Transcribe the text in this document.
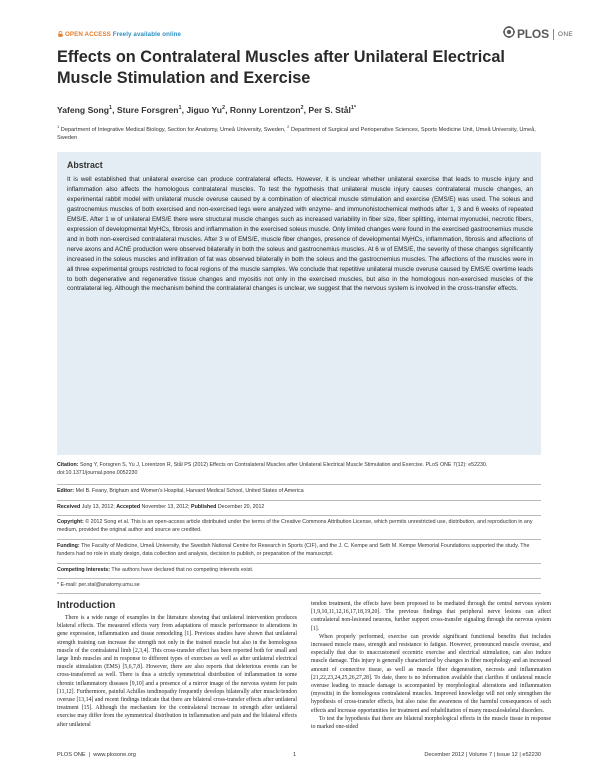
OPEN ACCESS Freely available online	PLOS ONE
Effects on Contralateral Muscles after Unilateral Electrical Muscle Stimulation and Exercise
Yafeng Song$^1$, Sture Forsgren$^1$, Jiguo Yu$^2$, Ronny Lorentzon$^2$, Per S. Stål$^{1*}$
$^1$ Department of Integrative Medical Biology, Section for Anatomy, Umeå University, Sweden, $^2$ Department of Surgical and Perioperative Sciences, Sports Medicine Unit, Umeå University, Umeå, Sweden
Abstract

It is well established that unilateral exercise can produce contralateral effects. However, it is unclear whether unilateral exercise that leads to muscle injury and inflammation also affects the homologous contralateral muscles. To test the hypothesis that unilateral muscle injury causes contralateral muscle changes, an experimental rabbit model with unilateral muscle overuse caused by a combination of electrical muscle stimulation and exercise (EMS/E) was used. The soleus and gastrocnemius muscles of both exercised and non-exercised legs were analyzed with enzyme- and immunohistochemical methods after 1, 3 and 6 weeks of repeated EMS/E. After 1 w of unilateral EMS/E there were structural muscle changes such as increased variability in fiber size, fiber splitting, internal myonuclei, necrotic fibers, expression of developmental MyHCs, fibrosis and inflammation in the exercised soleus muscle. Only limited changes were found in the exercised gastrocnemius muscle and in both non-exercised contralateral muscles. After 3 w of EMS/E, muscle fiber changes, presence of developmental MyHCs, inflammation, fibrosis and affections of nerve axons and AChE production were observed bilaterally in both the soleus and gastrocnemius muscles. At 6 w of EMS/E, the severity of these changes significantly increased in the soleus muscles and infiltration of fat was observed bilaterally in both the soleus and the gastrocnemius muscles. The affections of the muscles were in all three experimental groups restricted to focal regions of the muscle samples. We conclude that repetitive unilateral muscle overuse caused by EMS/E overtime leads to both degenerative and regenerative tissue changes and myositis not only in the exercised muscles, but also in the homologous non-exercised muscles of the contralateral leg. Although the mechanism behind the contralateral changes is unclear, we suggest that the nervous system is involved in the cross-transfer effects.

Citation: Song Y, Forsgren S, Yu J, Lorentzon R, Stål PS (2012) Effects on Contralateral Muscles after Unilateral Electrical Muscle Stimulation and Exercise. PLoS ONE 7(12): e52230. doi:10.1371/journal.pone.0052230
Editor: Mel B. Feany, Brigham and Women's Hospital, Harvard Medical School, United States of America
Received July 13, 2012; Accepted November 13, 2012; Published December 20, 2012
Copyright: © 2012 Song et al. This is an open-access article distributed under the terms of the Creative Commons Attribution License, which permits unrestricted use, distribution, and reproduction in any medium, provided the original author and source are credited.
Funding: The Faculty of Medicine, Umeå University, the Swedish National Centre for Research in Sports (CIF), and the J. C. Kempe and Seth M. Kempe Memorial Foundations supported the study. The funders had no role in study design, data collection and analysis, decision to publish, or preparation of the manuscript.
Competing Interests: The authors have declared that no competing interests exist.
* E-mail: per.stal@anatomy.umu.se
Introduction

There is a wide range of examples in the literature showing that unilateral intervention produces bilateral effects. The measured effects vary from adaptations of muscle performance to alterations in gene expression, inflammation and tissue remodeling [1]. Previous studies have shown that unilateral strength training can increase the strength not only in the trained muscle but also in the homologous muscle of the contralateral limb [2,3,4]. This cross-transfer effect has been reported both for small and large limb muscles and in response to different types of exercises as well as after unilateral electrical muscle stimulation (EMS) [5,6,7,8]. However, there are also reports that deleterious events can be cross-transferred as well. There is thus a strictly symmetrical distribution of inflammation in some chronic inflammatory diseases [9,10] and a presence of a mirror image of the nervous system for pain [11,12]. Furthermore, painful Achilles tendinopathy frequently develops bilaterally after muscle/tendon overuse [13,14] and recent findings indicate that there are bilateral cross-transfer effects after unilateral treatment [15]. Although the mechanism for the contralateral increase in strength after unilateral exercise may differ from the symmetrical distribution in inflammation and pain and the bilateral effects after unilateral

tendon treatment, the effects have been proposed to be mediated through the central nervous system [1,9,10,11,12,16,17,18,19,20]. The previous findings that peripheral nerve lesions can affect contralateral non-lesioned neurons, further support cross-transfer signaling through the nervous system [1].

When properly performed, exercise can provide significant functional benefits that includes increased muscle mass, strength and resistance to fatigue. However, pronounced muscle overuse, and especially that due to unaccustomed eccentric exercise and electrical stimulation, can also induce muscle damage. This injury is generally characterized by changes in fiber morphology and an increased amount of connective tissue, as well as muscle fiber degeneration, necrosis and inflammation [21,22,23,24,25,26,27,28]. To date, there is no information available that clarifies if unilateral muscle overuse leading to muscle damage is accompanied by morphological alterations and inflammation (myositis) in the homologous contralateral muscles. Improved knowledge will not only strengthen the hypothesis of cross-transfer effects, but also raise the awareness of the harmful consequences of such effects and increase opportunities for treatment and rehabilitation of many musculoskeletal disorders.

To test the hypothesis that there are bilateral morphological effects in the muscle tissue in response to marked one-sided

PLOS ONE  |  www.plosone.org	1	December 2012 | Volume 7 | Issue 12 | e52230
